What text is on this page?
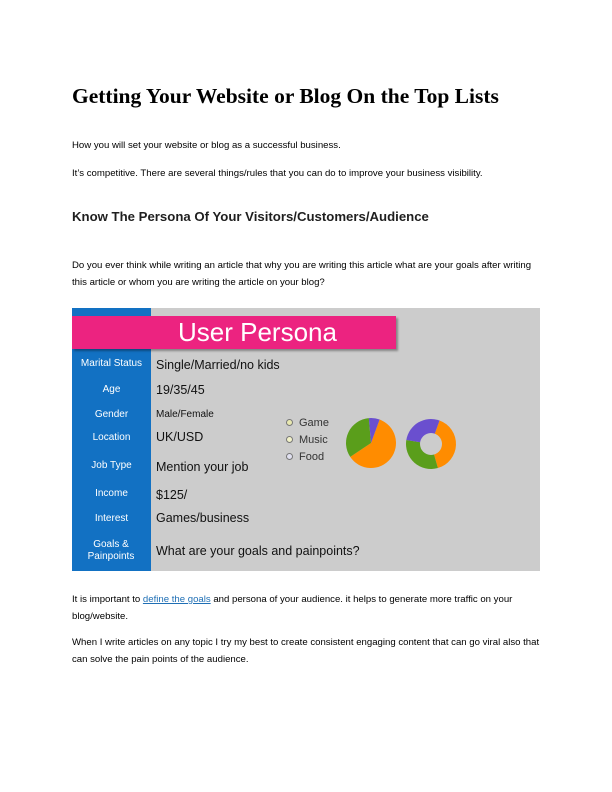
Getting Your Website or Blog On the Top Lists

How you will set your website or blog as a successful business.

It’s competitive. There are several things/rules that you can do to improve your business visibility.

Know The Persona Of Your Visitors/Customers/Audience

Do you ever think while writing an article that why you are writing this article what are your goals after writing this article or whom you are writing the article on your blog?

User Persona
Marital Status
Age
Gender
Location
Job Type
Income
Interest
Goals & Painpoints
Single/Married/no kids
19/35/45
Male/Female
UK/USD
Mention your job
$125/
Games/business
What are your goals and painpoints?
Game
Music
Food

It is important to define the goals and persona of your audience. it helps to generate more traffic on your blog/website.

When I write articles on any topic I try my best to create consistent engaging content that can go viral also that can solve the pain points of the audience.
